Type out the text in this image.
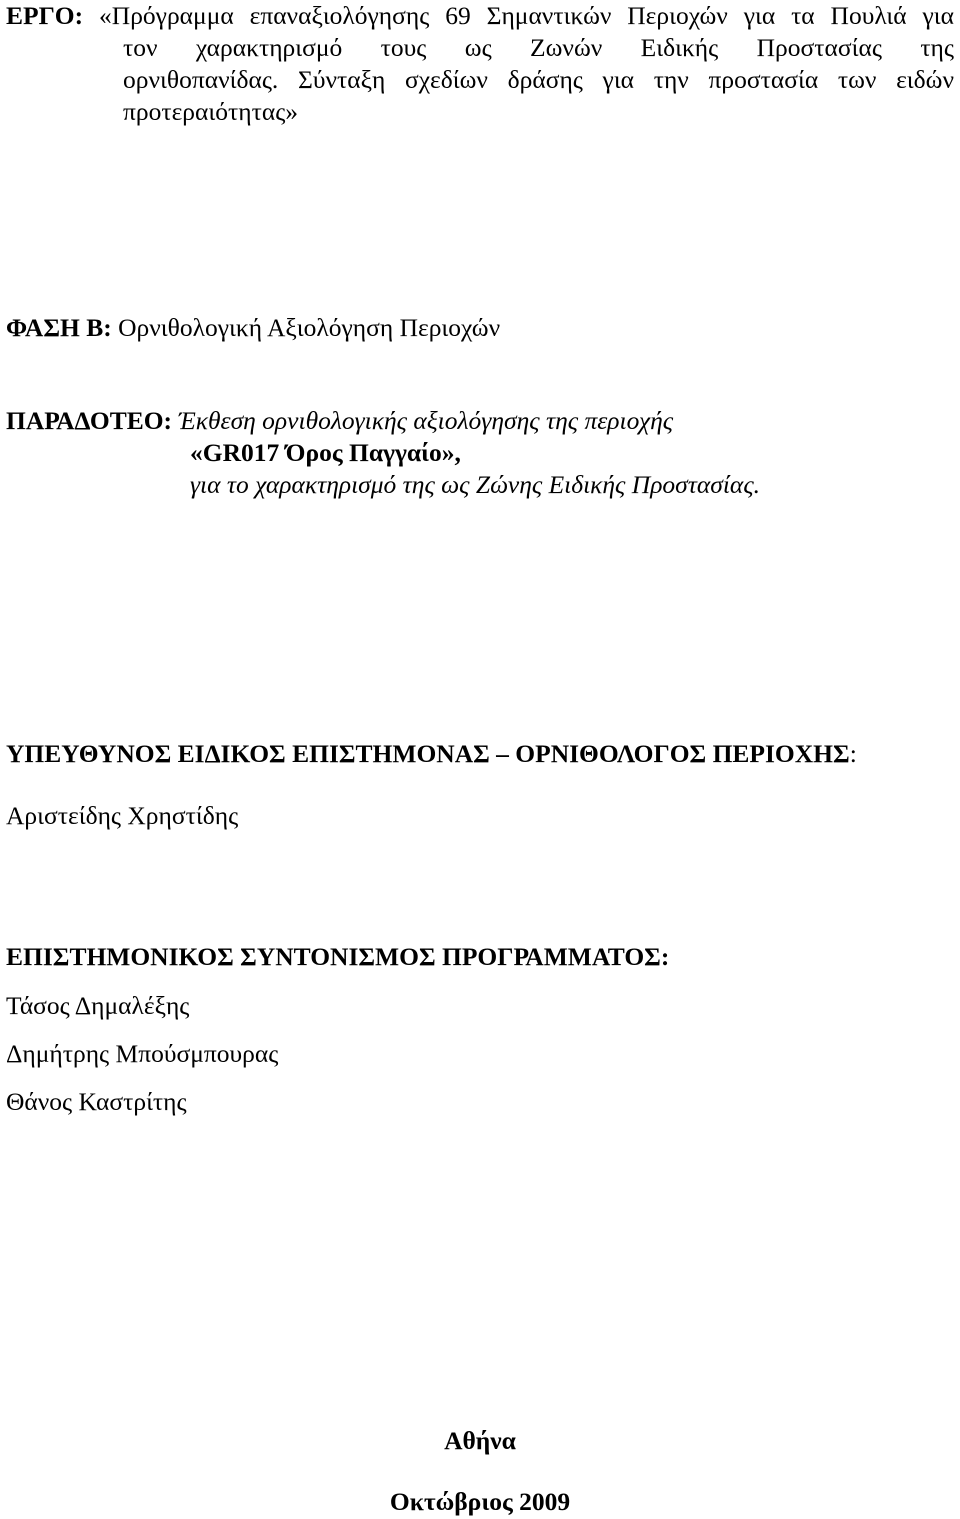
ΕΡΓΟ: «Πρόγραμμα επαναξιολόγησης 69 Σημαντικών Περιοχών για τα Πουλιά για
τον χαρακτηρισμό τους ως Ζωνών Ειδικής Προστασίας της
ορνιθοπανίδας. Σύνταξη σχεδίων δράσης για την προστασία των ειδών
προτεραιότητας»
ΦΑΣΗ Β: Ορνιθολογική Αξιολόγηση Περιοχών
ΠΑΡΑΔΟΤΕΟ: Έκθεση ορνιθολογικής αξιολόγησης της περιοχής
«GR017 Όρος Παγγαίο»,
για το χαρακτηρισμό της ως Ζώνης Ειδικής Προστασίας.
ΥΠΕΥΘΥΝΟΣ ΕΙΔΙΚΟΣ ΕΠΙΣΤΗΜΟΝΑΣ – ΟΡΝΙΘΟΛΟΓΟΣ ΠΕΡΙΟΧΗΣ:
Αριστείδης Χρηστίδης
ΕΠΙΣΤΗΜΟΝΙΚΟΣ ΣΥΝΤΟΝΙΣΜΟΣ ΠΡΟΓΡΑΜΜΑΤΟΣ:
Τάσος Δημαλέξης
Δημήτρης Μπούσμπουρας
Θάνος Καστρίτης
Αθήνα
Οκτώβριος 2009
